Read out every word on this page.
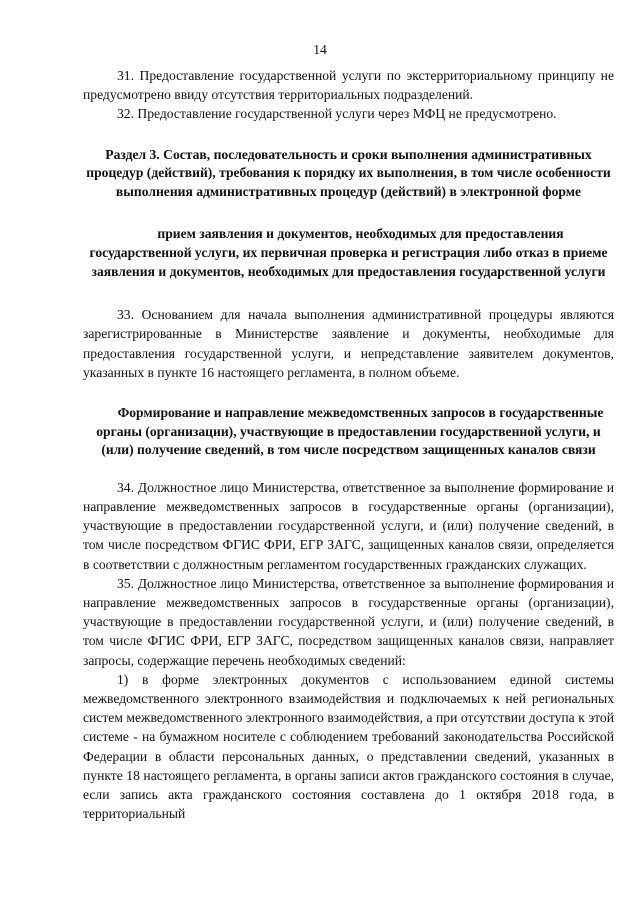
14

31. Предоставление государственной услуги по экстерриториальному принципу не предусмотрено ввиду отсутствия территориальных подразделений.

32. Предоставление государственной услуги через МФЦ не предусмотрено.

Раздел 3. Состав, последовательность и сроки выполнения административных процедур (действий), требования к порядку их выполнения, в том числе особенности выполнения административных процедур (действий) в электронной форме

прием заявления и документов, необходимых для предоставления государственной услуги, их первичная проверка и регистрация либо отказ в приеме заявления и документов, необходимых для предоставления государственной услуги

33. Основанием для начала выполнения административной процедуры являются зарегистрированные в Министерстве заявление и документы, необходимые для предоставления государственной услуги, и непредставление заявителем документов, указанных в пункте 16 настоящего регламента, в полном объеме.

Формирование и направление межведомственных запросов в государственные органы (организации), участвующие в предоставлении государственной услуги, и (или) получение сведений, в том числе посредством защищенных каналов связи

34. Должностное лицо Министерства, ответственное за выполнение формирование и направление межведомственных запросов в государственные органы (организации), участвующие в предоставлении государственной услуги, и (или) получение сведений, в том числе посредством ФГИС ФРИ, ЕГР ЗАГС, защищенных каналов связи, определяется в соответствии с должностным регламентом государственных гражданских служащих.

35. Должностное лицо Министерства, ответственное за выполнение формирования и направление межведомственных запросов в государственные органы (организации), участвующие в предоставлении государственной услуги, и (или) получение сведений, в том числе ФГИС ФРИ, ЕГР ЗАГС, посредством защищенных каналов связи, направляет запросы, содержащие перечень необходимых сведений:

1) в форме электронных документов с использованием единой системы межведомственного электронного взаимодействия и подключаемых к ней региональных систем межведомственного электронного взаимодействия, а при отсутствии доступа к этой системе - на бумажном носителе с соблюдением требований законодательства Российской Федерации в области персональных данных, о представлении сведений, указанных в пункте 18 настоящего регламента, в органы записи актов гражданского состояния в случае, если запись акта гражданского состояния составлена до 1 октября 2018 года, в территориальный
